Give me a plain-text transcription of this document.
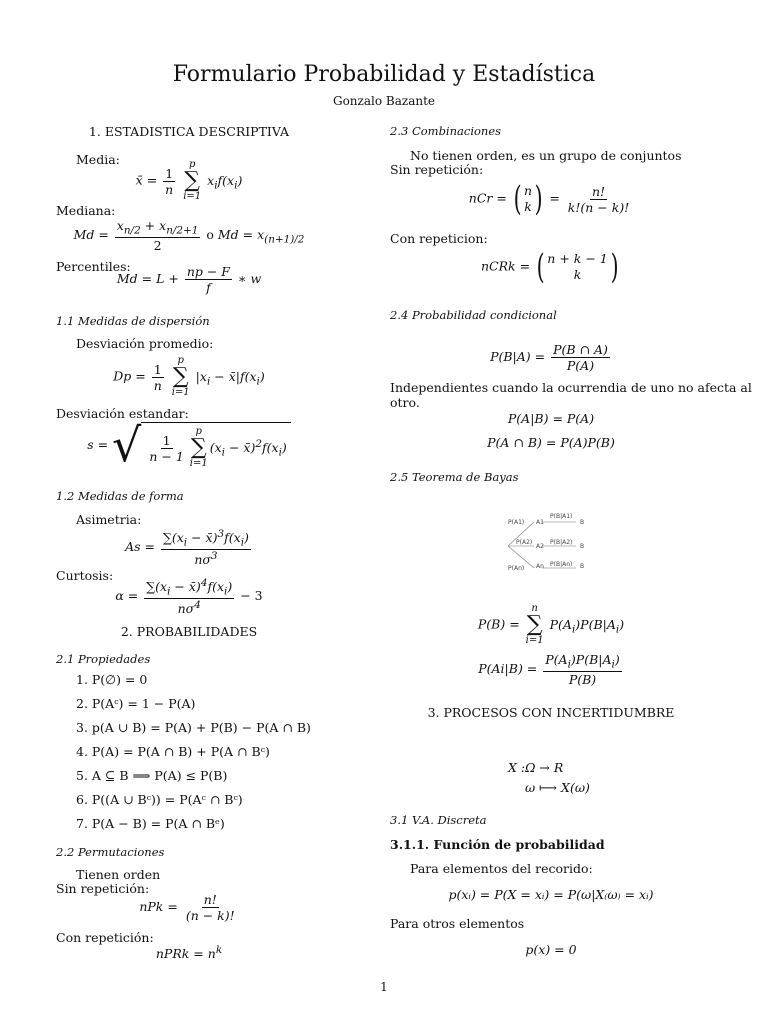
Formulario Probabilidad y Estadística
Gonzalo Bazante
1. ESTADISTICA DESCRIPTIVA
Media:
x̄ = $\frac{1}{n}$

p
∑
i=1
$x_if(x_i)$
Mediana:
$Md = \frac{x_{n/2} + x_{n/2+1}}{2}$ o $Md = x_{(n+1)/2}$
Percentiles:
$Md = L + \frac{np - F}{f}$ ∗ w
1.1 Medidas de dispersión
Desviación promedio:
$Dp = \frac{1}{n}$

p
∑
i=1
$|x_i$ − $x̄|f(x_i)$
Desviación estandar:
s = √ $\frac{1}{n - 1}$
p
∑
i=1
($x_i$ − $x̄)^2f(x_i)$
1.2 Medidas de forma
Asimetria:
$As = \frac{\sum(x_i - x̄)^3f(x_i)}{n\sigma^3}$
Curtosis:
$\alpha = \frac{\sum(x_i - x̄)^4f(x_i)}{n\sigma^4} - 3$
2. PROBABILIDADES
2.1 Propiedades
1. P(∅) = 0
2. P(Aᶜ) = 1 − P(A)
3. p(A ∪ B) = P(A) + P(B) − P(A ∩ B)
4. P(A) = P(A ∩ B) + P(A ∩ Bᶜ)
5. A ⊆ B ⟹ P(A) ≤ P(B)
6. P((A ∪ Bᶜ)) = P(Aᶜ ∩ Bᶜ)
7. P(A − B) = P(A ∩ Bᵉ)
2.2 Permutaciones
Tienen orden
Sin repetición:
nPk = $\frac{n!}{(n - k)!}$
Con repetición:
nPRk = $n^k$
2.3 Combinaciones
No tienen orden, es un grupo de conjuntos
Sin repetición:
nCr = ( n
k ) = $\frac{n!}{k!(n - k)!}$
Con repeticion:
nCRk = ( n + k − 1
k )
2.4 Probabilidad condicional
$P(B|A) = \frac{P(B \cap A)}{P(A)}$
Independientes cuando la ocurrendia de uno no afecta al
otro.
P(A|B) = P(A)
P(A ∩ B) = P(A)P(B)
2.5 Teorema de Bayas
P(A1) A1
P(B|A1)
B
P(A2)
A2
P(B|A2)
B
P(An) An P(B|An) B
P(B) =
n
∑
i=1
$P(A_i)P(B|A_i)$
$P(Ai|B) = \frac{P(A_i)P(B|A_i)}{P(B)}$
3. PROCESOS CON INCERTIDUMBRE
X :Ω → R
ω ⟼ X(ω)
3.1 V.A. Discreta
3.1.1. Función de probabilidad
Para elementos del recorido:
p(xᵢ) = P(X = xᵢ) = P(ω|X₍ω₎ = xᵢ)
Para otros elementos
p(x) = 0
1
